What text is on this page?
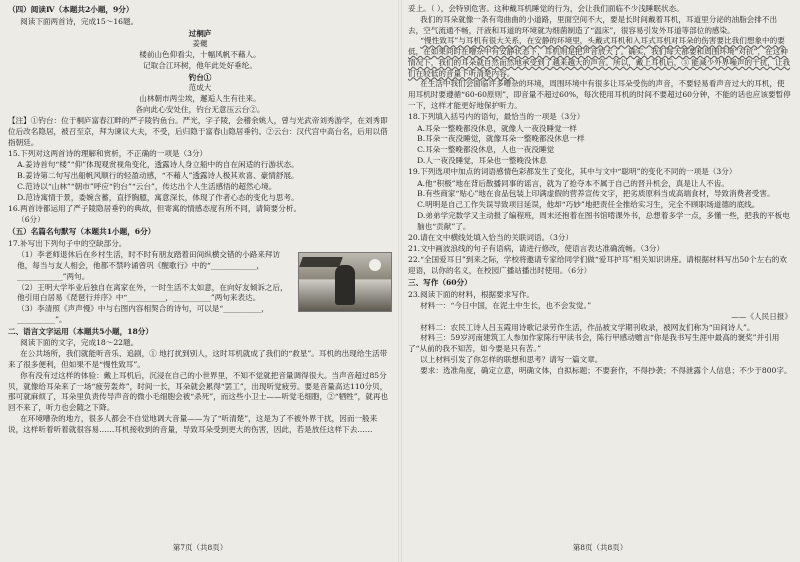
（四）阅读Ⅳ（本题共2小题，9分）

阅读下面两首诗，完成15～16题。

过桐庐

姜夔

楼前山色仰看尖，十幅风帆不藉人。

记取合江环树，他年此处好垂纶。

钓台①

范成大

山林朝市两尘埃，邂逅人生有往来。

各向此心安处住，钓台无意压云台②。

【注】①钓台：位于桐庐富春江畔的严子陵钓鱼台。严光，字子陵，会稽余姚人，曾与光武帝刘秀游学，在刘秀即位后改名隐居，被召至京，拜为谏议大夫，不受，后归隐于富春山隐居垂钓。②云台：汉代宫中高台名，后用以借指朝廷。

15.下列对这两首诗的理解和赏析，不正确的一项是（3分）

A.姜诗首句“楼”“仰”体现观赏视角变化，透露诗人身立船中的自在闲适的行游状态。

B.姜诗第二句写出船帆风顺行的轻盈动感，“不藉人”透露诗人极其欢喜、豪情舒展。

C.范诗以“山林”“朝市”呼应“钓台”“云台”，传达出个人生活感悟的超然心境。

D.范诗寓情于景，委婉含蓄，直抒胸臆，寓意深长，体现了作者心态的变化与思考。

16.两首诗都运用了严子陵隐居垂钓的典故，但寄寓的情感态度有所不同，请简要分析。

（6分）

（五）名篇名句默写（本题共1小题，6分）

17.补写出下列句子中的空缺部分。

（1）李老师退休后在乡村生活，时不时有朋友踏着田间纵横交错的小路来拜访他，每当与友人相会，他都不禁吟诵曾巩《醒歌行》中的“____________，____________”两句。

（2）王明大学毕业后独自在离家在外，一时生活不太如意，在向好友倾诉之后，他引用白居易《琵琶行并序》中“__________，__________”两句来表达。

（3）李清照《声声慢》中与右图内容相契合的诗句，可以是“__________，__________”。

二、语言文字运用（本题共5小题，18分）

阅读下面的文字，完成18～22题。

在公共场所，我们就能听音乐、追剧，① 地打扰到别人，这时耳机就成了我们的“救星”。耳机的出现给生活带来了很多便利，但如果不是“慢性致耳”。

你有没有过这样的体验：戴上耳机后，沉浸在自己的小世界里，不知不觉就把音量调得很大。当声音超过85分贝，就像给耳朵来了一场“疲劳轰炸”，时间一长，耳朵就会累得“罢工”，出现听觉疲劳。要是音量高达110分贝，那可就麻烦了，耳朵里负责传导声音的微小毛细胞会被“杀死”，而这些小卫士——听觉毛细胞，②“牺牲”，就再也回不来了，听力也会随之下降。

在环境嘈杂的地方，很多人都会不自觉地调大音量——为了“听清楚”，这是为了不被外界干扰，因而一般来说，这样听着听着就很容易……耳机接收到的音量，导致耳朵受到更大的伤害，因此，若是放任这样下去……

第7页（共8页）

妥上。（ ），会特别危害。这种戴耳机睡觉的行为，会让我们面临不少浅睡眠状态。

我们的耳朵就像一条有弯曲曲的小道路，里面空间不大，要是长时间戴着耳机，耳道里分泌的油脂会排不出去，空气流通不畅，汗液和耳道的环境就为细菌制造了“温床”，很容易引发外耳道等部位的感染。

“慢性致耳”与耳机有很大关系，在安静的环境里，头戴式耳机和入耳式耳机对耳朵的伤害要比我们想象中的要低，在如果同时在嘈杂中有安静状态下，耳机则是把声音放大了。确实，我们每天都要和周围环境“对抗”，在这种情况下，我们的耳朵就自然而然地承受到了越来越大的声音。所以，戴上耳机后，③ 能减少外界噪声的干扰，让我们在较低的音量下听清楚内容。

在生活中我们会面临许多嘈杂的环境，周围环境中有很多让耳朵受伤的声音，不要轻易看声音过大的耳机，使用耳机时要遵循“60-60原则”，即音量不超过60%，每次使用耳机的时间不要超过60分钟，不能的话也应该要暂停一下，这样才能更好地保护听力。

18.下列填入括号内的语句，最恰当的一项是（3分）

A.耳朵一整晚都没休息，就像人一夜没睡觉一样

B.耳朵一夜没睡觉，就像耳朵一整晚都没休息一样

C.耳朵一整晚都没休息，人也一夜没睡觉

D.人一夜没睡觉，耳朵也一整晚没休息

19.下列选项中加点的词语感情色彩都发生了变化，其中与文中“聪明”的变化不同的一项是（3分）

A.他“积极”地在背后散播同事的谣言，就为了抢夺本不属于自己的晋升机会，真是让人不齿。

B.有些商家“贴心”地在食品包装上印满虚假的营养宣传文字，把劣质原料当成高端食材，导致消费者受害。

C.明明是自己工作失误导致项目延误，他却“巧妙”地把责任全推给实习生，完全不顾职场道德的底线。

D.弟弟学完数学又主动报了编程班，周末还抱着在图书馆啃课外书，总想着多学一点，多懂一些，把我的平板电脑也“贡献”了。

20.请在文中横线处填入恰当的关联词语。（3分）

21.文中画波浪线的句子有语病，请进行修改，使语言表达准确流畅。（3分）

22.“全国爱耳日”到来之际，学校将邀请专家给同学们做“爱耳护耳”相关知识讲座。请根据材料写出50个左右的欢迎语，以你的名义，在校园广播站播出时使用。（6分）

三、写作（60分）

23.阅读下面的材料，根据要求写作。

材料一：“今日中国，在泥土中生长，也不会发觉。”

——《人民日报》

材料二：农民工诗人吕玉霞用诗歌记录劳作生活，作品被文学期刊收录，被网友们称为“田间诗人”。

材料三：59岁河南建筑工人参加作家陈行甲读书会，陈行甲感动赠言“你是我书写生涯中最高的褒奖”并引用了“从前的我不知苦，如今要是只有苦。”

以上材料引发了你怎样的联想和思考？请写一篇文章。

要求：选准角度，确定立意，明确文体，自拟标题；不要套作，不得抄袭；不得泄露个人信息；不少于800字。

第8页（共8页）
